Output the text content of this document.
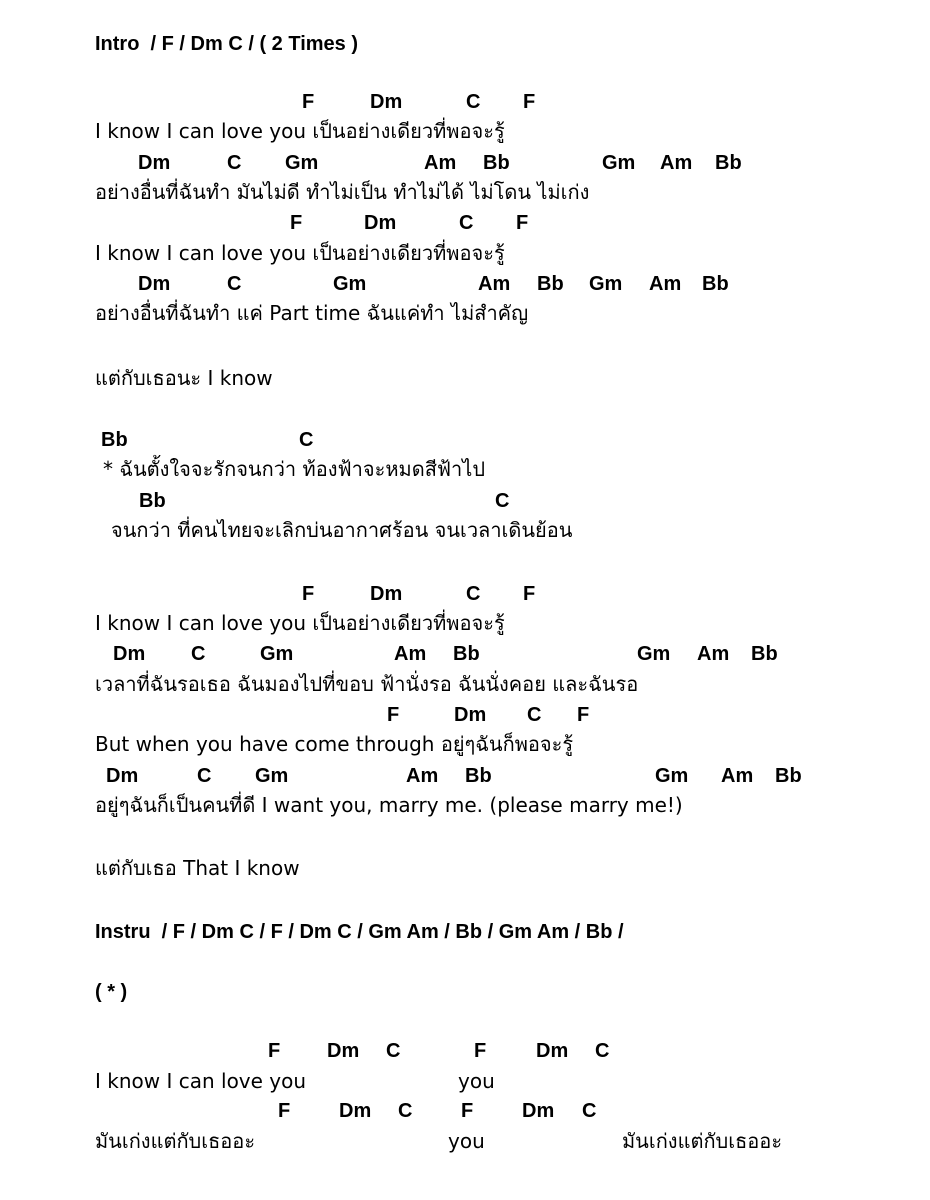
Intro  / F / Dm C / ( 2 Times )
F	Dm	C F
I know I can love you เป็นอย่างเดียวที่พอจะรู้
Dm	C Gm	Am Bb	Gm Am Bb
อย่างอื่นที่ฉันทำ มันไม่ดี ทำไม่เป็น ทำไม่ได้ ไม่โดน ไม่เก่ง
F	Dm	C F
I know I can love you เป็นอย่างเดียวที่พอจะรู้
Dm	C	Gm	Am Bb Gm Am Bb
อย่างอื่นที่ฉันทำ แค่ Part time ฉันแค่ทำ ไม่สำคัญ
แต่กับเธอนะ I know
Bb	C
* ฉันตั้งใจจะรักจนกว่า ท้องฟ้าจะหมดสีฟ้าไป
Bb	C
จนกว่า ที่คนไทยจะเลิกบ่นอากาศร้อน จนเวลาเดินย้อน
F	Dm	C F
I know I can love you เป็นอย่างเดียวที่พอจะรู้
Dm C	Gm	Am Bb	Gm Am Bb
เวลาที่ฉันรอเธอ ฉันมองไปที่ขอบ ฟ้านั่งรอ ฉันนั่งคอย และฉันรอ
F	Dm C F
But when you have come through อยู่ๆฉันก็พอจะรู้
Dm	C Gm	Am Bb	Gm Am Bb
อยู่ๆฉันก็เป็นคนที่ดี I want you, marry me. (please marry me!)
แต่กับเธอ That I know
Instru  / F / Dm C / F / Dm C / Gm Am / Bb / Gm Am / Bb /
( * )
F Dm C	F Dm C
I know I can love you	you
F Dm C F Dm C
มันเก่งแต่กับเธออะ	you	มันเก่งแต่กับเธออะ
